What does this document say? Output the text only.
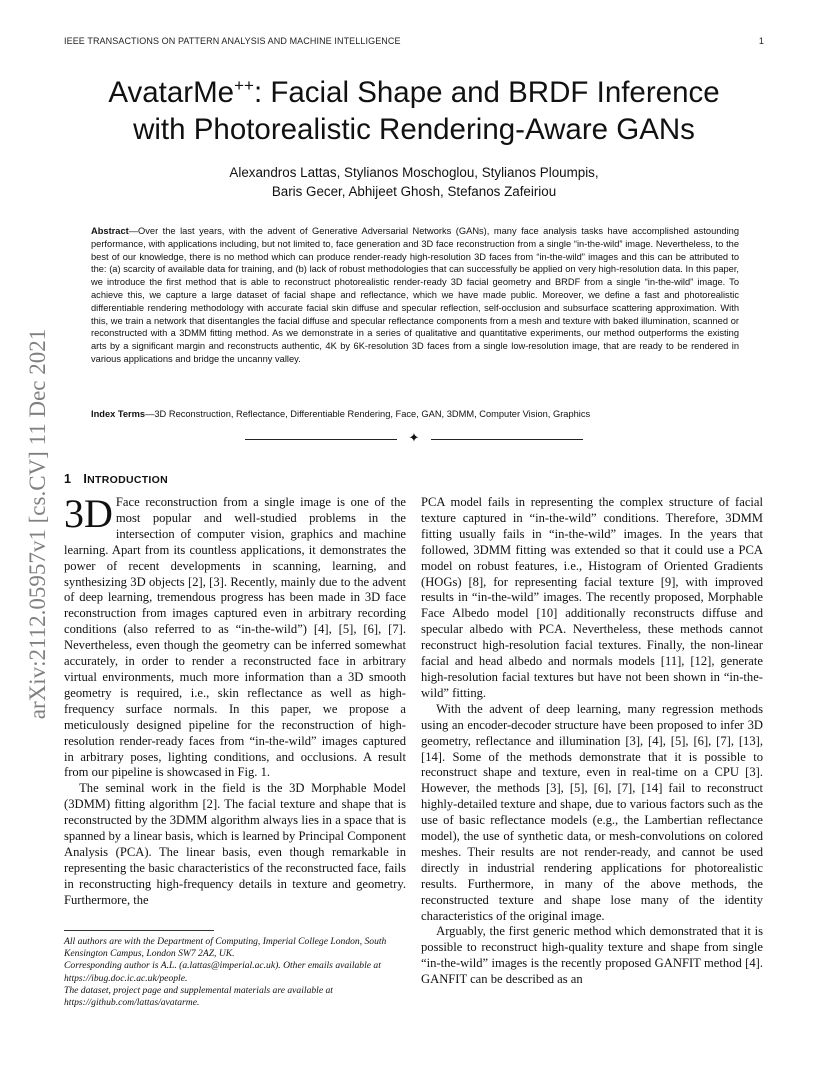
IEEE TRANSACTIONS ON PATTERN ANALYSIS AND MACHINE INTELLIGENCE	1
arXiv:2112.05957v1 [cs.CV] 11 Dec 2021
AvatarMe++: Facial Shape and BRDF Inference
with Photorealistic Rendering-Aware GANs
Alexandros Lattas, Stylianos Moschoglou, Stylianos Ploumpis,
Baris Gecer, Abhijeet Ghosh, Stefanos Zafeiriou
Abstract—Over the last years, with the advent of Generative Adversarial Networks (GANs), many face analysis tasks have accomplished astounding performance, with applications including, but not limited to, face generation and 3D face reconstruction from a single “in-the-wild” image. Nevertheless, to the best of our knowledge, there is no method which can produce render-ready high-resolution 3D faces from “in-the-wild” images and this can be attributed to the: (a) scarcity of available data for training, and (b) lack of robust methodologies that can successfully be applied on very high-resolution data. In this paper, we introduce the first method that is able to reconstruct photorealistic render-ready 3D facial geometry and BRDF from a single “in-the-wild” image. To achieve this, we capture a large dataset of facial shape and reflectance, which we have made public. Moreover, we define a fast and photorealistic differentiable rendering methodology with accurate facial skin diffuse and specular reflection, self-occlusion and subsurface scattering approximation. With this, we train a network that disentangles the facial diffuse and specular reflectance components from a mesh and texture with baked illumination, scanned or reconstructed with a 3DMM fitting method. As we demonstrate in a series of qualitative and quantitative experiments, our method outperforms the existing arts by a significant margin and reconstructs authentic, 4K by 6K-resolution 3D faces from a single low-resolution image, that are ready to be rendered in various applications and bridge the uncanny valley.
Index Terms—3D Reconstruction, Reflectance, Differentiable Rendering, Face, GAN, 3DMM, Computer Vision, Graphics
✦
1 INTRODUCTION

3D Face reconstruction from a single image is one of the most popular and well-studied problems in the intersection of computer vision, graphics and machine learning. Apart from its countless applications, it demonstrates the power of recent developments in scanning, learning, and synthesizing 3D objects [2], [3]. Recently, mainly due to the advent of deep learning, tremendous progress has been made in 3D face reconstruction from images captured even in arbitrary recording conditions (also referred to as “in-the-wild”) [4], [5], [6], [7]. Nevertheless, even though the geometry can be inferred somewhat accurately, in order to render a reconstructed face in arbitrary virtual environments, much more information than a 3D smooth geometry is required, i.e., skin reflectance as well as high-frequency surface normals. In this paper, we propose a meticulously designed pipeline for the reconstruction of high-resolution render-ready faces from “in-the-wild” images captured in arbitrary poses, lighting conditions, and occlusions. A result from our pipeline is showcased in Fig. 1.

The seminal work in the field is the 3D Morphable Model (3DMM) fitting algorithm [2]. The facial texture and shape that is reconstructed by the 3DMM algorithm always lies in a space that is spanned by a linear basis, which is learned by Principal Component Analysis (PCA). The linear basis, even though remarkable in representing the basic characteristics of the reconstructed face, fails in reconstructing high-frequency details in texture and geometry. Furthermore, the

All authors are with the Department of Computing, Imperial College London, South Kensington Campus, London SW7 2AZ, UK.
Corresponding author is A.L. (a.lattas@imperial.ac.uk). Other emails available at https://ibug.doc.ic.ac.uk/people.
The dataset, project page and supplemental materials are available at https://github.com/lattas/avatarme.

PCA model fails in representing the complex structure of facial texture captured in “in-the-wild” conditions. Therefore, 3DMM fitting usually fails in “in-the-wild” images. In the years that followed, 3DMM fitting was extended so that it could use a PCA model on robust features, i.e., Histogram of Oriented Gradients (HOGs) [8], for representing facial texture [9], with improved results in “in-the-wild” images. The recently proposed, Morphable Face Albedo model [10] additionally reconstructs diffuse and specular albedo with PCA. Nevertheless, these methods cannot reconstruct high-resolution facial textures. Finally, the non-linear facial and head albedo and normals models [11], [12], generate high-resolution facial textures but have not been shown in “in-the-wild” fitting.

With the advent of deep learning, many regression methods using an encoder-decoder structure have been proposed to infer 3D geometry, reflectance and illumination [3], [4], [5], [6], [7], [13], [14]. Some of the methods demonstrate that it is possible to reconstruct shape and texture, even in real-time on a CPU [3]. However, the methods [3], [5], [6], [7], [14] fail to reconstruct highly-detailed texture and shape, due to various factors such as the use of basic reflectance models (e.g., the Lambertian reflectance model), the use of synthetic data, or mesh-convolutions on colored meshes. Their results are not render-ready, and cannot be used directly in industrial rendering applications for photorealistic results. Furthermore, in many of the above methods, the reconstructed texture and shape lose many of the identity characteristics of the original image.

Arguably, the first generic method which demonstrated that it is possible to reconstruct high-quality texture and shape from single “in-the-wild” images is the recently proposed GANFIT method [4]. GANFIT can be described as an
